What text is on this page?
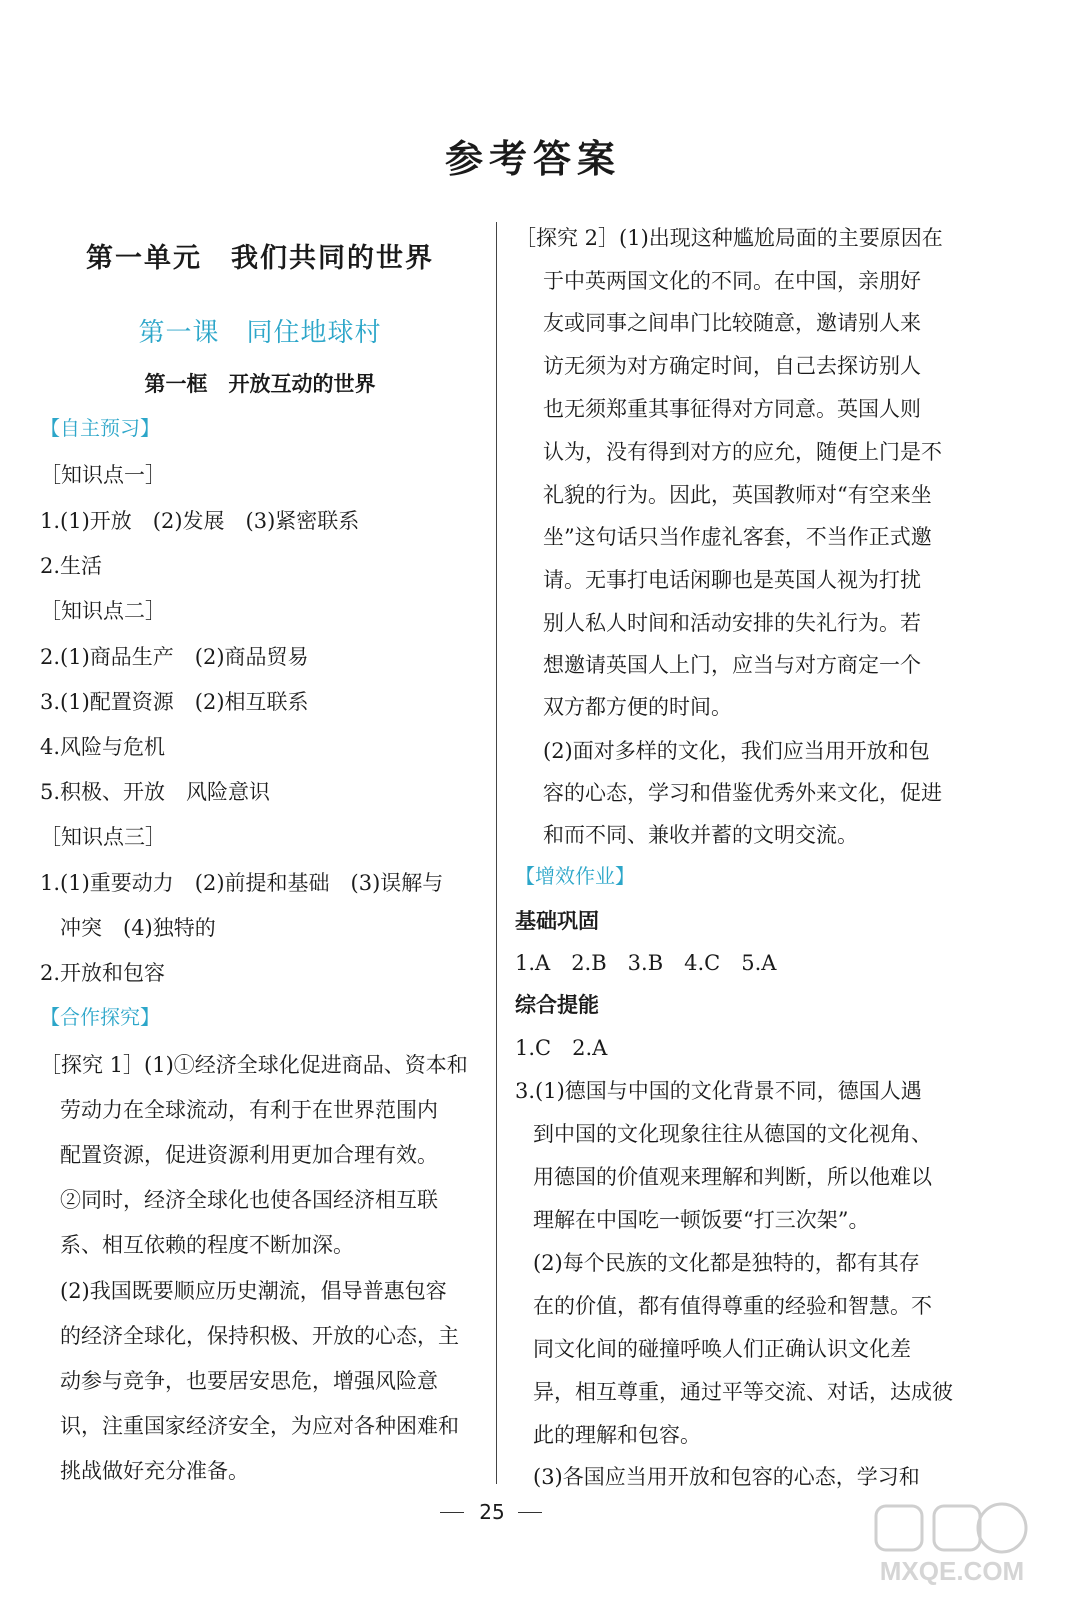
参考答案
第一单元　我们共同的世界
第一课　同住地球村
第一框　开放互动的世界
【自主预习】
［知识点一］
1.(1)开放　(2)发展　(3)紧密联系
2.生活
［知识点二］
2.(1)商品生产　(2)商品贸易
3.(1)配置资源　(2)相互联系
4.风险与危机
5.积极、开放　风险意识
［知识点三］
1.(1)重要动力　(2)前提和基础　(3)误解与
冲突　(4)独特的
2.开放和包容
【合作探究】
［探究 1］(1)①经济全球化促进商品、资本和
劳动力在全球流动，有利于在世界范围内
配置资源，促进资源利用更加合理有效。
②同时，经济全球化也使各国经济相互联
系、相互依赖的程度不断加深。
(2)我国既要顺应历史潮流，倡导普惠包容
的经济全球化，保持积极、开放的心态，主
动参与竞争，也要居安思危，增强风险意
识，注重国家经济安全，为应对各种困难和
挑战做好充分准备。
［探究 2］(1)出现这种尴尬局面的主要原因在
于中英两国文化的不同。在中国，亲朋好
友或同事之间串门比较随意，邀请别人来
访无须为对方确定时间，自己去探访别人
也无须郑重其事征得对方同意。英国人则
认为，没有得到对方的应允，随便上门是不
礼貌的行为。因此，英国教师对“有空来坐
坐”这句话只当作虚礼客套，不当作正式邀
请。无事打电话闲聊也是英国人视为打扰
别人私人时间和活动安排的失礼行为。若
想邀请英国人上门，应当与对方商定一个
双方都方便的时间。
(2)面对多样的文化，我们应当用开放和包
容的心态，学习和借鉴优秀外来文化，促进
和而不同、兼收并蓄的文明交流。
【增效作业】
基础巩固
1.A　2.B　3.B　4.C　5.A
综合提能
1.C　2.A
3.(1)德国与中国的文化背景不同，德国人遇
到中国的文化现象往往从德国的文化视角、
用德国的价值观来理解和判断，所以他难以
理解在中国吃一顿饭要“打三次架”。
(2)每个民族的文化都是独特的，都有其存
在的价值，都有值得尊重的经验和智慧。不
同文化间的碰撞呼唤人们正确认识文化差
异，相互尊重，通过平等交流、对话，达成彼
此的理解和包容。
(3)各国应当用开放和包容的心态，学习和
25
MXQE.COM
